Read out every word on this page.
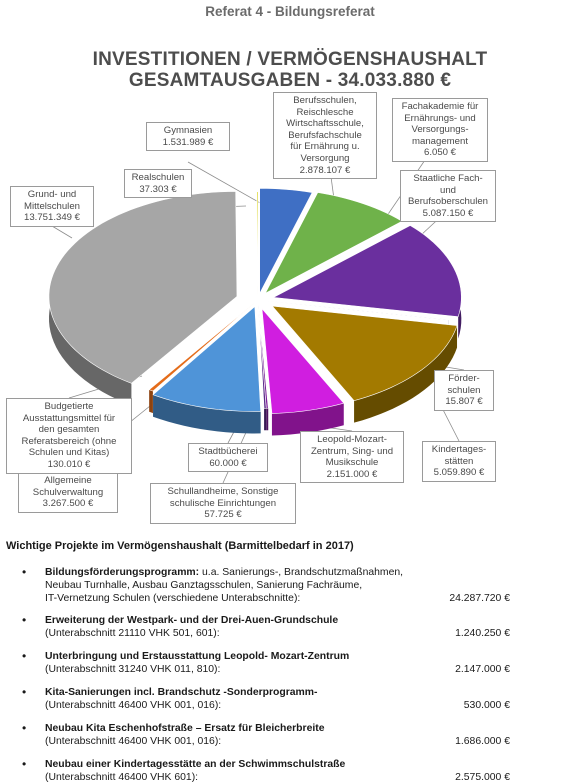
Referat 4 - Bildungsreferat
INVESTITIONEN / VERMÖGENSHAUSHALT
GESAMTAUSGABEN - 34.033.880 €
Gymnasien
1.531.989 €
Berufsschulen,
Reischlesche
Wirtschaftsschule,
Berufsfachschule
für Ernährung u.
Versorgung
2.878.107 €
Fachakademie für
Ernährungs- und
Versorgungs-
management
6.050 €
Staatliche Fach-
und
Berufsoberschulen
5.087.150 €
Förder-
schulen
15.807 €
Kindertages-
stätten
5.059.890 €
Leopold-Mozart-
Zentrum, Sing- und
Musikschule
2.151.000 €
Schullandheime, Sonstige
schulische Einrichtungen
57.725 €
Stadtbücherei
60.000 €
Allgemeine
Schulverwaltung
3.267.500 €
Budgetierte
Ausstattungsmittel für
den gesamten
Referatsbereich (ohne
Schulen und Kitas)
130.010 €
Grund- und
Mittelschulen
13.751.349 €
Realschulen
37.303 €
Wichtige Projekte im Vermögenshaushalt (Barmittelbedarf in 2017)
• Bildungsförderungsprogramm: u.a. Sanierungs-, Brandschutzmaßnahmen,
Neubau Turnhalle, Ausbau Ganztagsschulen, Sanierung Fachräume,
IT-Vernetzung Schulen (verschiedene Unterabschnitte):	24.287.720 €
• Erweiterung der Westpark- und der Drei-Auen-Grundschule
(Unterabschnitt 21110 VHK 501, 601):	1.240.250 €
• Unterbringung und Erstausstattung Leopold- Mozart-Zentrum
(Unterabschnitt 31240 VHK 011, 810):	2.147.000 €
• Kita-Sanierungen incl. Brandschutz -Sonderprogramm-
(Unterabschnitt 46400 VHK 001, 016):	530.000 €
• Neubau Kita Eschenhofstraße – Ersatz für Bleicherbreite
(Unterabschnitt 46400 VHK 001, 016):	1.686.000 €
• Neubau einer Kindertagesstätte an der Schwimmschulstraße
(Unterabschnitt 46400 VHK 601):	2.575.000 €
